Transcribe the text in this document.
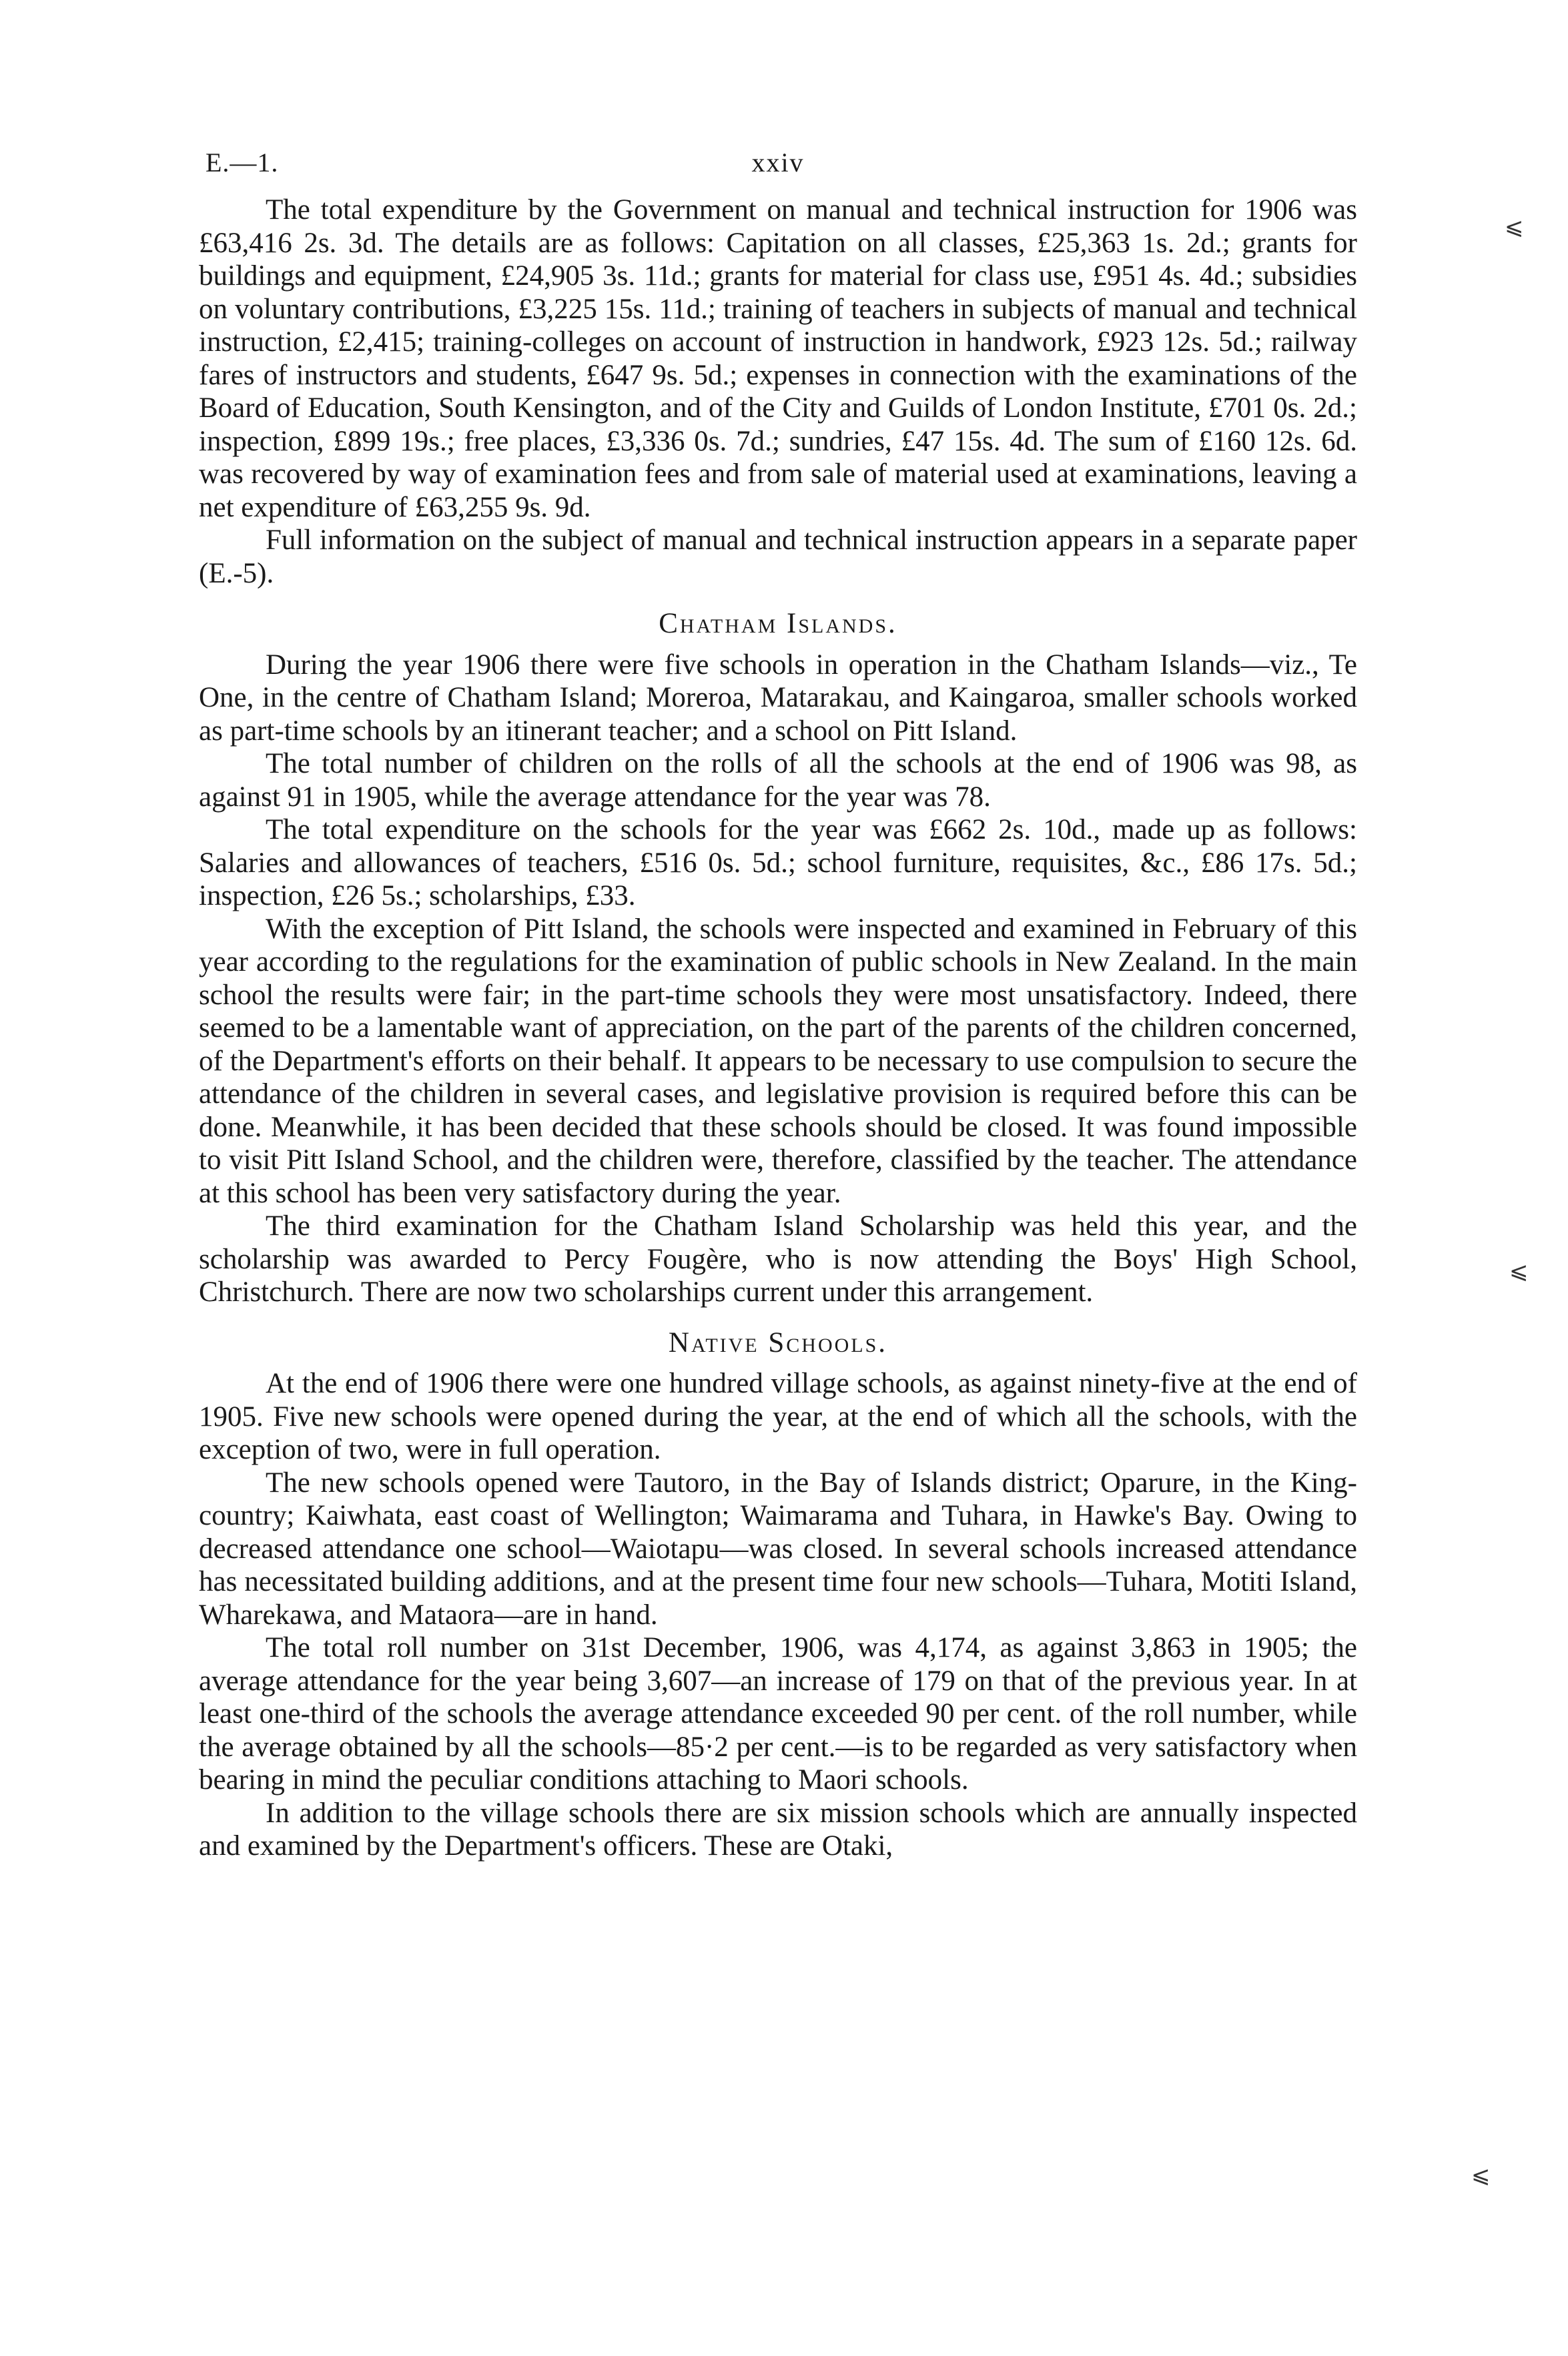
E.—1.	xxiv

The total expenditure by the Government on manual and technical instruction for 1906 was £63,416 2s. 3d. The details are as follows: Capitation on all classes, £25,363 1s. 2d.; grants for buildings and equipment, £24,905 3s. 11d.; grants for material for class use, £951 4s. 4d.; subsidies on voluntary contributions, £3,225 15s. 11d.; training of teachers in subjects of manual and technical instruction, £2,415; training-colleges on account of instruction in handwork, £923 12s. 5d.; railway fares of instructors and students, £647 9s. 5d.; expenses in connection with the examinations of the Board of Education, South Kensington, and of the City and Guilds of London Institute, £701 0s. 2d.; inspection, £899 19s.; free places, £3,336 0s. 7d.; sundries, £47 15s. 4d. The sum of £160 12s. 6d. was recovered by way of examination fees and from sale of material used at examinations, leaving a net expenditure of £63,255 9s. 9d.

Full information on the subject of manual and technical instruction appears in a separate paper (E.-5).

Chatham Islands.

During the year 1906 there were five schools in operation in the Chatham Islands—viz., Te One, in the centre of Chatham Island; Moreroa, Matarakau, and Kaingaroa, smaller schools worked as part-time schools by an itinerant teacher; and a school on Pitt Island.

The total number of children on the rolls of all the schools at the end of 1906 was 98, as against 91 in 1905, while the average attendance for the year was 78.

The total expenditure on the schools for the year was £662 2s. 10d., made up as follows: Salaries and allowances of teachers, £516 0s. 5d.; school furniture, requisites, &c., £86 17s. 5d.; inspection, £26 5s.; scholarships, £33.

With the exception of Pitt Island, the schools were inspected and examined in February of this year according to the regulations for the examination of public schools in New Zealand. In the main school the results were fair; in the part-time schools they were most unsatisfactory. Indeed, there seemed to be a lamentable want of appreciation, on the part of the parents of the children concerned, of the Department's efforts on their behalf. It appears to be necessary to use compulsion to secure the attendance of the children in several cases, and legislative provision is required before this can be done. Meanwhile, it has been decided that these schools should be closed. It was found impossible to visit Pitt Island School, and the children were, therefore, classified by the teacher. The attendance at this school has been very satisfactory during the year.

The third examination for the Chatham Island Scholarship was held this year, and the scholarship was awarded to Percy Fougère, who is now attending the Boys' High School, Christchurch. There are now two scholarships current under this arrangement.

Native Schools.

At the end of 1906 there were one hundred village schools, as against ninety-five at the end of 1905. Five new schools were opened during the year, at the end of which all the schools, with the exception of two, were in full operation.

The new schools opened were Tautoro, in the Bay of Islands district; Oparure, in the King-country; Kaiwhata, east coast of Wellington; Waimarama and Tuhara, in Hawke's Bay. Owing to decreased attendance one school—Waiotapu—was closed. In several schools increased attendance has necessitated building additions, and at the present time four new schools—Tuhara, Motiti Island, Wharekawa, and Mataora—are in hand.

The total roll number on 31st December, 1906, was 4,174, as against 3,863 in 1905; the average attendance for the year being 3,607—an increase of 179 on that of the previous year. In at least one-third of the schools the average attendance exceeded 90 per cent. of the roll number, while the average obtained by all the schools—85·2 per cent.—is to be regarded as very satisfactory when bearing in mind the peculiar conditions attaching to Maori schools.

In addition to the village schools there are six mission schools which are annually inspected and examined by the Department's officers. These are Otaki,

⩽
⩽
⩽
